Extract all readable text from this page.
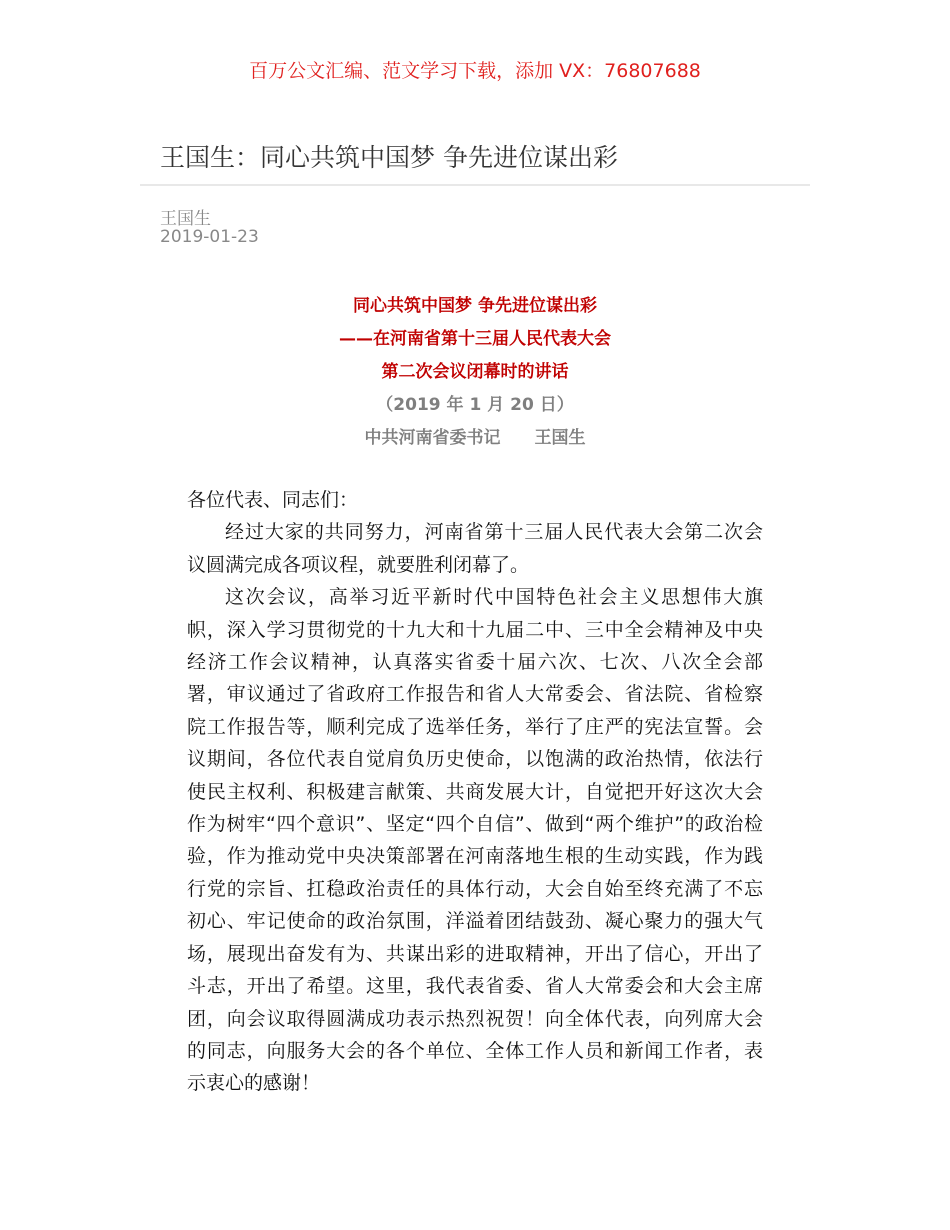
百万公文汇编、范文学习下载，添加 VX：76807688
王国生：同心共筑中国梦 争先进位谋出彩
王国生
2019-01-23
同心共筑中国梦 争先进位谋出彩
——在河南省第十三届人民代表大会
第二次会议闭幕时的讲话
（2019 年 1 月 20 日）
中共河南省委书记　　王国生
各位代表、同志们：
经过大家的共同努力，河南省第十三届人民代表大会第二次会
议圆满完成各项议程，就要胜利闭幕了。
这次会议，高举习近平新时代中国特色社会主义思想伟大旗
帜，深入学习贯彻党的十九大和十九届二中、三中全会精神及中央
经济工作会议精神，认真落实省委十届六次、七次、八次全会部
署，审议通过了省政府工作报告和省人大常委会、省法院、省检察
院工作报告等，顺利完成了选举任务，举行了庄严的宪法宣誓。会
议期间，各位代表自觉肩负历史使命，以饱满的政治热情，依法行
使民主权利、积极建言献策、共商发展大计，自觉把开好这次大会
作为树牢“四个意识”、坚定“四个自信”、做到“两个维护”的政治检
验，作为推动党中央决策部署在河南落地生根的生动实践，作为践
行党的宗旨、扛稳政治责任的具体行动，大会自始至终充满了不忘
初心、牢记使命的政治氛围，洋溢着团结鼓劲、凝心聚力的强大气
场，展现出奋发有为、共谋出彩的进取精神，开出了信心，开出了
斗志，开出了希望。这里，我代表省委、省人大常委会和大会主席
团，向会议取得圆满成功表示热烈祝贺！向全体代表，向列席大会
的同志，向服务大会的各个单位、全体工作人员和新闻工作者，表
示衷心的感谢！
